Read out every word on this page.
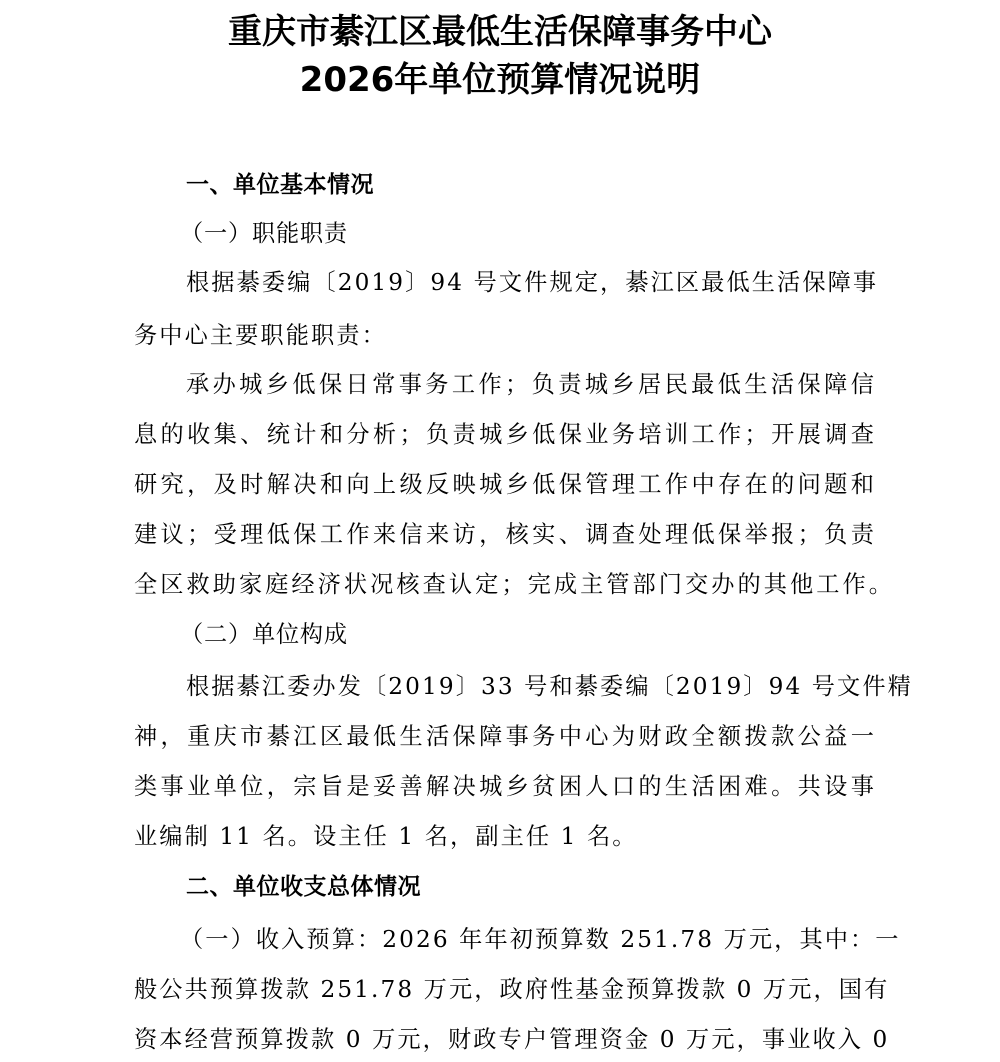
重庆市綦江区最低生活保障事务中心
2026年单位预算情况说明
一、单位基本情况
（一）职能职责
根据綦委编〔2019〕94 号文件规定，綦江区最低生活保障事
务中心主要职能职责：
承办城乡低保日常事务工作；负责城乡居民最低生活保障信
息的收集、统计和分析；负责城乡低保业务培训工作；开展调查
研究，及时解决和向上级反映城乡低保管理工作中存在的问题和
建议；受理低保工作来信来访，核实、调查处理低保举报；负责
全区救助家庭经济状况核查认定；完成主管部门交办的其他工作。
（二）单位构成
根据綦江委办发〔2019〕33 号和綦委编〔2019〕94 号文件精
神，重庆市綦江区最低生活保障事务中心为财政全额拨款公益一
类事业单位，宗旨是妥善解决城乡贫困人口的生活困难。共设事
业编制 11 名。设主任 1 名，副主任 1 名。
二、单位收支总体情况
（一）收入预算：2026 年年初预算数 251.78 万元，其中：一
般公共预算拨款 251.78 万元，政府性基金预算拨款 0 万元，国有
资本经营预算拨款 0 万元，财政专户管理资金 0 万元，事业收入 0
